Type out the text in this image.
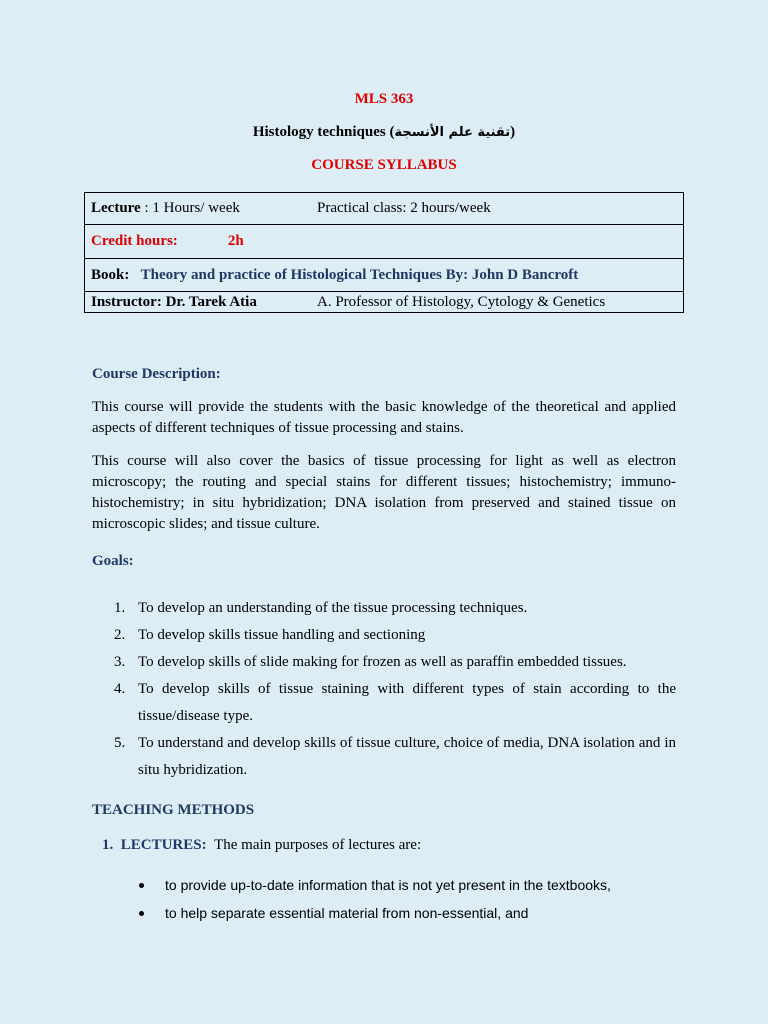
MLS 363
Histology techniques (تقنية علم الأنسجة)
COURSE SYLLABUS
Lecture : 1 Hours/ week	Practical class: 2 hours/week

Credit hours:	2h
Book: Theory and practice of Histological Techniques By: John D Bancroft

Instructor: Dr. Tarek Atia	A. Professor of Histology, Cytology & Genetics
Course Description:
This course will provide the students with the basic knowledge of the theoretical and applied aspects of different techniques of tissue processing and stains.
This course will also cover the basics of tissue processing for light as well as electron microscopy; the routing and special stains for different tissues; histochemistry; immuno-histochemistry; in situ hybridization; DNA isolation from preserved and stained tissue on microscopic slides; and tissue culture.
Goals:
1. To develop an understanding of the tissue processing techniques.
2. To develop skills tissue handling and sectioning
3. To develop skills of slide making for frozen as well as paraffin embedded tissues.
4. To develop skills of tissue staining with different types of stain according to the tissue/disease type.
5. To understand and develop skills of tissue culture, choice of media, DNA isolation and in situ hybridization.
TEACHING METHODS
1. LECTURES: The main purposes of lectures are:
to provide up-to-date information that is not yet present in the textbooks,
to help separate essential material from non-essential, and
